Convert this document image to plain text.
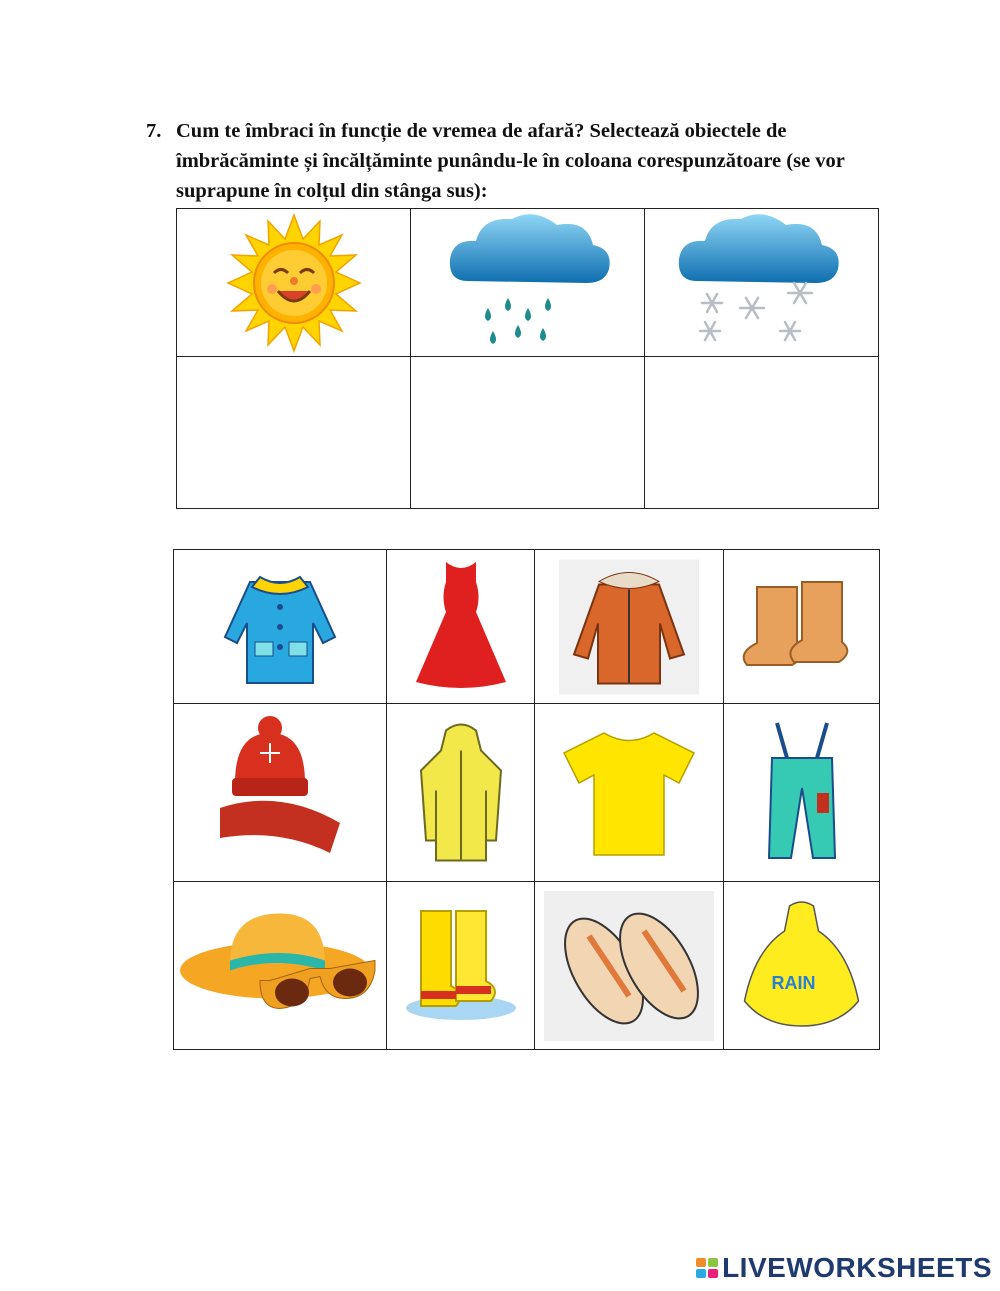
7. Cum te îmbraci în funcție de vremea de afară? Selectează obiectele de îmbrăcăminte și încălțăminte punându-le în coloana corespunzătoare (se vor suprapune în colțul din stânga sus):

RAIN
LIVEWORKSHEETS
